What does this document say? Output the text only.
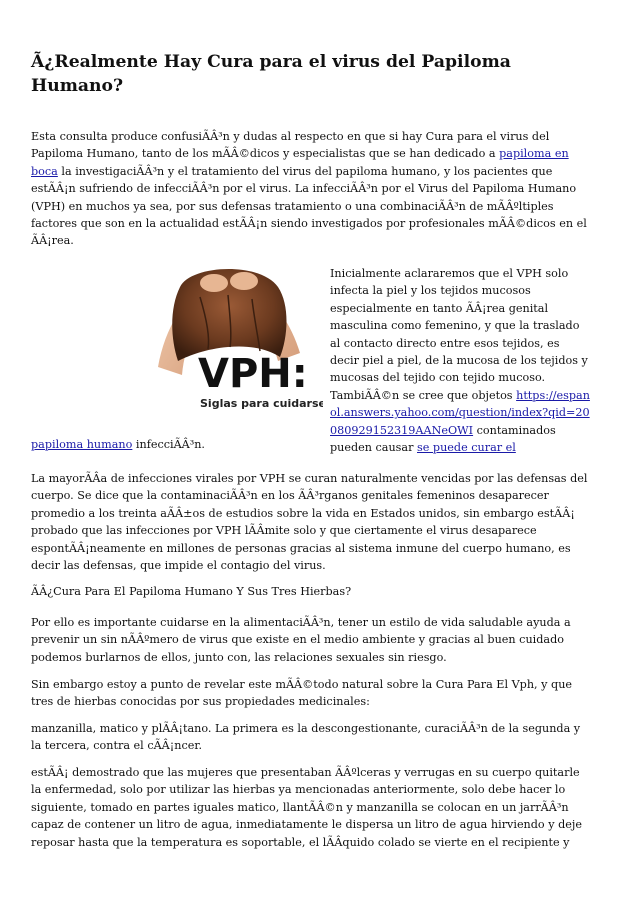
Ã¿Realmente Hay Cura para el virus del Papiloma Humano?

Esta consulta produce confusiÃÂ³n y dudas al respecto en que si hay Cura para el virus del Papiloma Humano, tanto de los mÃÂ©dicos y especialistas que se han dedicado a papiloma en boca la investigaciÃÂ³n y el tratamiento del virus del papiloma humano, y los pacientes que estÃÂ¡n sufriendo de infecciÃÂ³n por el virus. La infecciÃÂ³n por el Virus del Papiloma Humano (VPH) en muchos ya sea, por sus defensas tratamiento o una combinaciÃÂ³n de mÃÂºltiples factores que son en la actualidad estÃÂ¡n siendo investigados por profesionales mÃÂ©dicos en el ÃÂ¡rea.

VPH:
Siglas para cuidarse

Inicialmente aclararemos que el VPH solo infecta la piel y los tejidos mucosos especialmente en tanto ÃÂ¡rea genital masculina como femenino, y que la traslado al contacto directo entre esos tejidos, es decir piel a piel, de la mucosa de los tejidos y mucosas del tejido con tejido mucoso. TambiÃÂ©n se cree que objetos https://espanol.answers.yahoo.com/question/index?qid=20080929152319AANeOWI contaminados pueden causar se puede curar el

papiloma humano infecciÃÂ³n.

La mayorÃÂa de infecciones virales por VPH se curan naturalmente vencidas por las defensas del cuerpo. Se dice que la contaminaciÃÂ³n en los ÃÂ³rganos genitales femeninos desaparecer promedio a los treinta aÃÂ±os de estudios sobre la vida en Estados unidos, sin embargo estÃÂ¡ probado que las infecciones por VPH lÃÂmite solo y que ciertamente el virus desaparece espontÃÂ¡neamente en millones de personas gracias al sistema inmune del cuerpo humano, es decir las defensas, que impide el contagio del virus.

ÃÂ¿Cura Para El Papiloma Humano Y Sus Tres Hierbas?

Por ello es importante cuidarse en la alimentaciÃÂ³n, tener un estilo de vida saludable ayuda a prevenir un sin nÃÂºmero de virus que existe en el medio ambiente y gracias al buen cuidado podemos burlarnos de ellos, junto con, las relaciones sexuales sin riesgo.

Sin embargo estoy a punto de revelar este mÃÂ©todo natural sobre la Cura Para El Vph, y que tres de hierbas conocidas por sus propiedades medicinales:

manzanilla, matico y plÃÂ¡tano. La primera es la descongestionante, curaciÃÂ³n de la segunda y la tercera, contra el cÃÂ¡ncer.

estÃÂ¡ demostrado que las mujeres que presentaban ÃÂºlceras y verrugas en su cuerpo quitarle la enfermedad, solo por utilizar las hierbas ya mencionadas anteriormente, solo debe hacer lo siguiente, tomado en partes iguales matico, llantÃÂ©n y manzanilla se colocan en un jarrÃÂ³n capaz de contener un litro de agua, inmediatamente le dispersa un litro de agua hirviendo y deje reposar hasta que la temperatura es soportable, el lÃÂquido colado se vierte en el recipiente y
